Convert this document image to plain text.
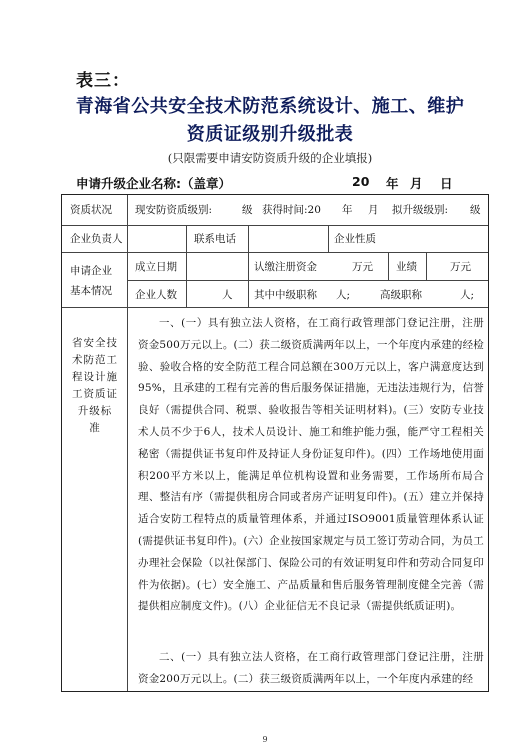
表三：
青海省公共安全技术防范系统设计、施工、维护
资质证级别升级批表
(只限需要申请安防资质升级的企业填报)
申请升级企业名称:（盖章）	20 年 月 日
资质状况 现安防资质级别:	级 获得时间:20 年 月 拟升级级别: 级
企业负责人	联系电话	企业性质
申请企业
基本情况
成立日期	认缴注册资金	万元 业绩	万元
企业人数	人 其中中级职称 人;	高级职称	人;
省安全技术防范工程设计施工资质证升级标 准
一、(一）具有独立法人资格，在工商行政管理部门登记注册，注册资金500万元以上。(二）获二级资质满两年以上，一个年度内承建的经检验、验收合格的安全防范工程合同总额在300万元以上，客户满意度达到95%，且承建的工程有完善的售后服务保证措施，无违法违规行为，信誉良好（需提供合同、税票、验收报告等相关证明材料)。(三）安防专业技术人员不少于6人，技术人员设计、施工和维护能力强，能严守工程相关秘密（需提供证书复印件及持证人身份证复印件)。(四）工作场地使用面积200平方米以上，能满足单位机构设置和业务需要，工作场所布局合理、整洁有序（需提供租房合同或者房产证明复印件)。(五）建立并保持适合安防工程特点的质量管理体系，并通过ISO9001质量管理体系认证(需提供证书复印件)。(六）企业按国家规定与员工签订劳动合同，为员工办理社会保险（以社保部门、保险公司的有效证明复印件和劳动合同复印件为依据)。(七）安全施工、产品质量和售后服务管理制度健全完善（需提供相应制度文件)。(八）企业征信无不良记录（需提供纸质证明)。
二、(一）具有独立法人资格，在工商行政管理部门登记注册，注册资金200万元以上。(二）获三级资质满两年以上，一个年度内承建的经
9
